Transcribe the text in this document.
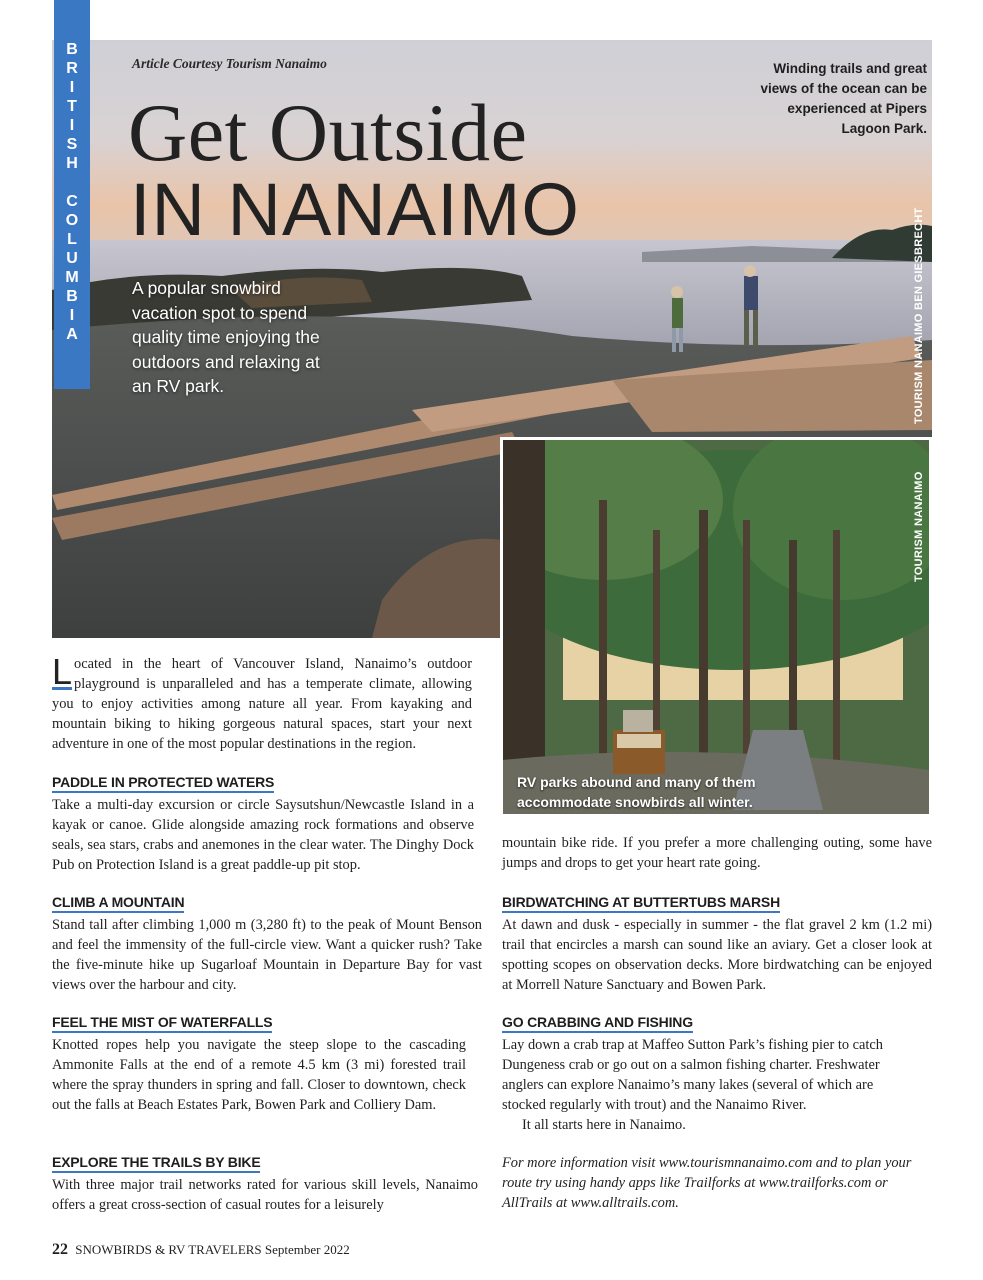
B
R
I
T
I
S
H
C
O
L
U
M
B
I
A
Article Courtesy Tourism Nanaimo
Get Outside
IN NANAIMO
A popular snowbird vacation spot to spend quality time enjoying the outdoors and relaxing at an RV park.
Winding trails and great views of the ocean can be experienced at Pipers Lagoon Park.
TOURISM NANAIMO BEN GIESBRECHT
TOURISM NANAIMO
RV parks abound and many of them accommodate snowbirds all winter.
L ocated in the heart of Vancouver Island, Nanaimo’s outdoor playground is unparalleled and has a temperate climate, allowing you to enjoy activities among nature all year. From kayaking and mountain biking to hiking gorgeous natural spaces, start your next adventure in one of the most popular destinations in the region.
PADDLE IN PROTECTED WATERS

Take a multi-day excursion or circle Saysutshun/Newcastle Island in a kayak or canoe. Glide alongside amazing rock formations and observe seals, sea stars, crabs and anemones in the clear water. The Dinghy Dock Pub on Protection Island is a great paddle-up pit stop.

CLIMB A MOUNTAIN

Stand tall after climbing 1,000 m (3,280 ft) to the peak of Mount Benson and feel the immensity of the full-circle view. Want a quicker rush? Take the five-minute hike up Sugarloaf Mountain in Departure Bay for vast views over the harbour and city.

FEEL THE MIST OF WATERFALLS

Knotted ropes help you navigate the steep slope to the cascading Ammonite Falls at the end of a remote 4.5 km (3 mi) forested trail where the spray thunders in spring and fall. Closer to downtown, check out the falls at Beach Estates Park, Bowen Park and Colliery Dam.

EXPLORE THE TRAILS BY BIKE

With three major trail networks rated for various skill levels, Nanaimo offers a great cross-section of casual routes for a leisurely

mountain bike ride. If you prefer a more challenging outing, some have jumps and drops to get your heart rate going.

BIRDWATCHING AT BUTTERTUBS MARSH

At dawn and dusk - especially in summer - the flat gravel 2 km (1.2 mi) trail that encircles a marsh can sound like an aviary. Get a closer look at spotting scopes on observation decks. More birdwatching can be enjoyed at Morrell Nature Sanctuary and Bowen Park.

GO CRABBING AND FISHING

Lay down a crab trap at Maffeo Sutton Park’s fishing pier to catch Dungeness crab or go out on a salmon fishing charter. Freshwater anglers can explore Nanaimo’s many lakes (several of which are stocked regularly with trout) and the Nanaimo River.

It all starts here in Nanaimo.

For more information visit www.tourismnanaimo.com and to plan your route try using handy apps like Trailforks at www.trailforks.com or AllTrails at www.alltrails.com.
22 SNOWBIRDS & RV TRAVELERS September 2022
